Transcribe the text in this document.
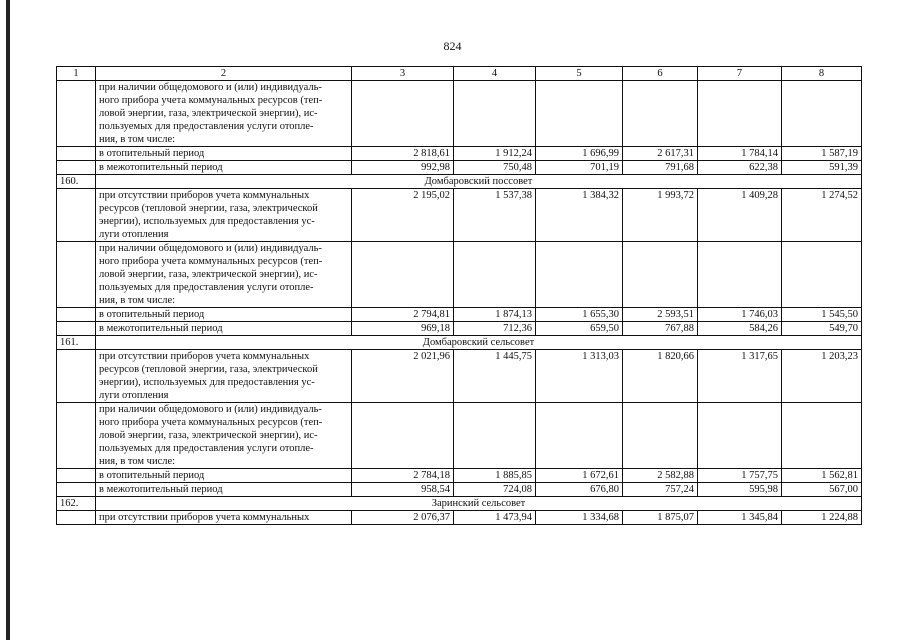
824
1	2	3	4	5	6	7	8

	при наличии общедомового и (или) индивидуаль-
ного прибора учета коммунальных ресурсов (теп-
ловой энергии, газа, электрической энергии), ис-
пользуемых для предоставления услуги отопле-
ния, в том числе:						

	в отопительный период	2 818,61	1 912,24	1 696,99	2 617,31	1 784,14	1 587,19
	в межотопительный период	992,98	750,48	701,19	791,68	622,38	591,39
160.	Домбаровский поссовет						

	при отсутствии приборов учета коммунальных
ресурсов (тепловой энергии, газа, электрической
энергии), используемых для предоставления ус-
луги отопления	2 195,02	1 537,38	1 384,32	1 993,72	1 409,28	1 274,52

	при наличии общедомового и (или) индивидуаль-
ного прибора учета коммунальных ресурсов (теп-
ловой энергии, газа, электрической энергии), ис-
пользуемых для предоставления услуги отопле-
ния, в том числе:						

	в отопительный период	2 794,81	1 874,13	1 655,30	2 593,51	1 746,03	1 545,50
	в межотопительный период	969,18	712,36	659,50	767,88	584,26	549,70
161.	Домбаровский сельсовет						

	при отсутствии приборов учета коммунальных
ресурсов (тепловой энергии, газа, электрической
энергии), используемых для предоставления ус-
луги отопления	2 021,96	1 445,75	1 313,03	1 820,66	1 317,65	1 203,23

	при наличии общедомового и (или) индивидуаль-
ного прибора учета коммунальных ресурсов (теп-
ловой энергии, газа, электрической энергии), ис-
пользуемых для предоставления услуги отопле-
ния, в том числе:						

	в отопительный период	2 784,18	1 885,85	1 672,61	2 582,88	1 757,75	1 562,81
	в межотопительный период	958,54	724,08	676,80	757,24	595,98	567,00
162.	Заринский сельсовет						
	при отсутствии приборов учета коммунальных	2 076,37	1 473,94	1 334,68	1 875,07	1 345,84	1 224,88
